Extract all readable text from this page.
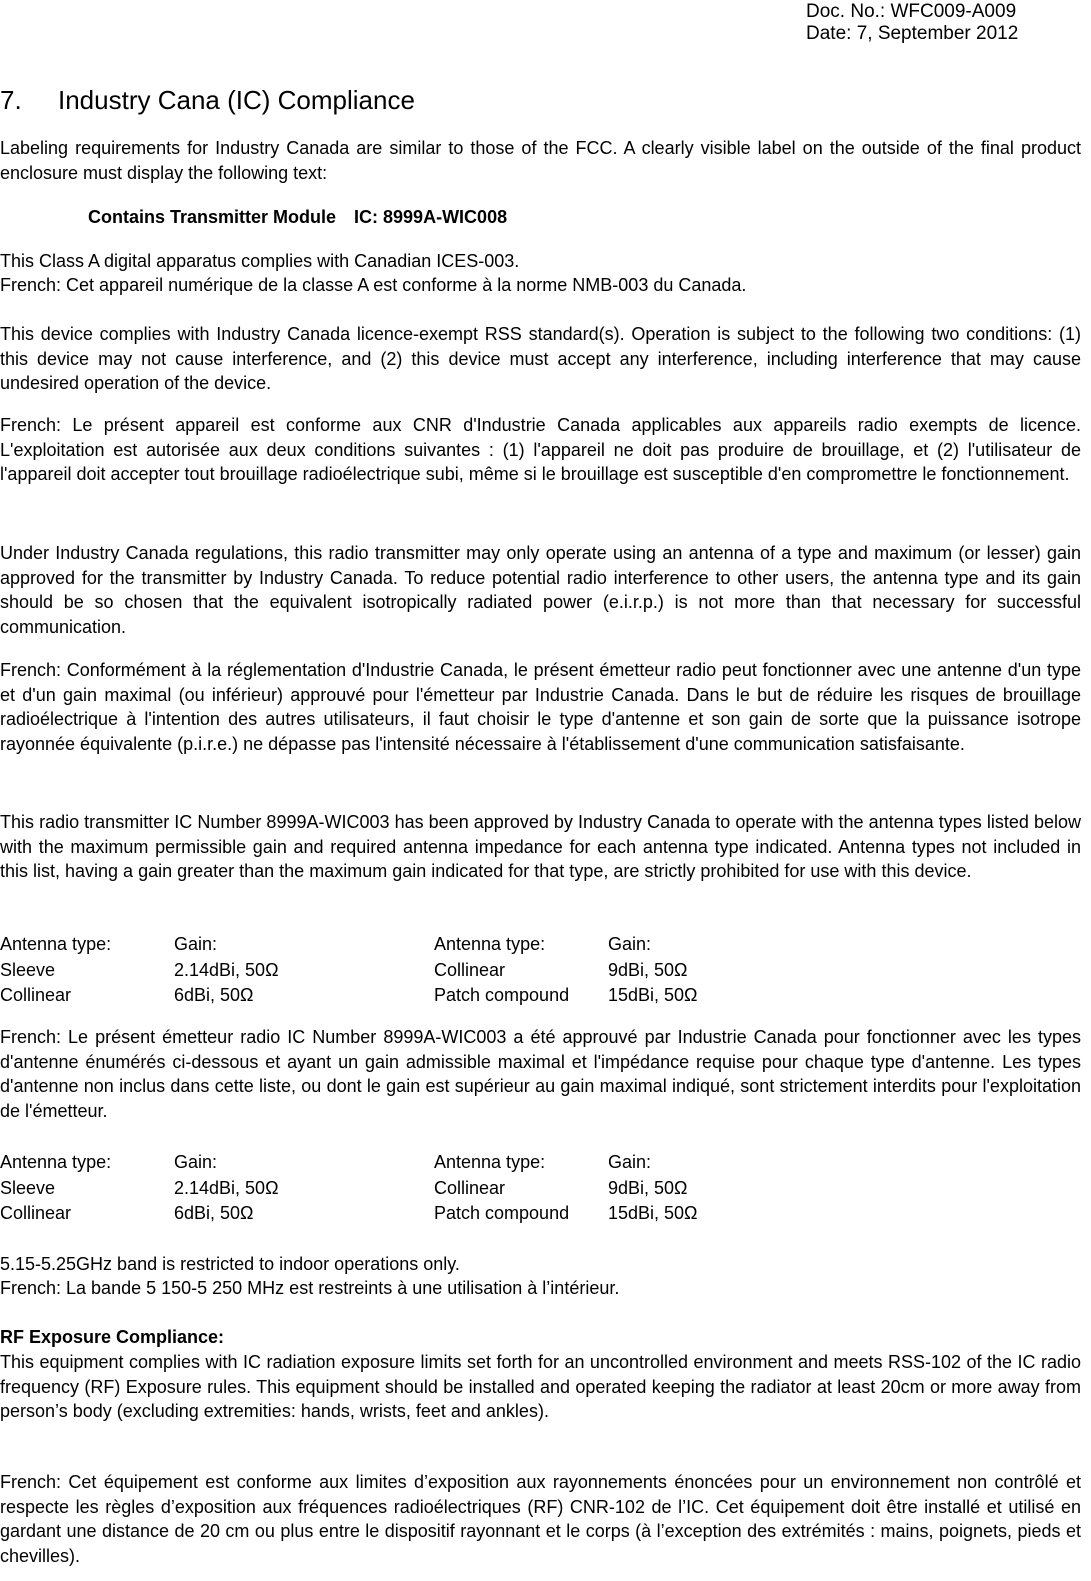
Doc. No.: WFC009-A009
Date: 7, September 2012
7. Industry Cana (IC) Compliance
Labeling requirements for Industry Canada are similar to those of the FCC. A clearly visible label on the outside of the final product enclosure must display the following text:
Contains Transmitter Module IC: 8999A-WIC008
This Class A digital apparatus complies with Canadian ICES-003.
French: Cet appareil numérique de la classe A est conforme à la norme NMB-003 du Canada.
This device complies with Industry Canada licence-exempt RSS standard(s). Operation is subject to the following two conditions: (1) this device may not cause interference, and (2) this device must accept any interference, including interference that may cause undesired operation of the device.
French: Le présent appareil est conforme aux CNR d'Industrie Canada applicables aux appareils radio exempts de licence. L'exploitation est autorisée aux deux conditions suivantes : (1) l'appareil ne doit pas produire de brouillage, et (2) l'utilisateur de l'appareil doit accepter tout brouillage radioélectrique subi, même si le brouillage est susceptible d'en compromettre le fonctionnement.
Under Industry Canada regulations, this radio transmitter may only operate using an antenna of a type and maximum (or lesser) gain approved for the transmitter by Industry Canada. To reduce potential radio interference to other users, the antenna type and its gain should be so chosen that the equivalent isotropically radiated power (e.i.r.p.) is not more than that necessary for successful communication.
French: Conformément à la réglementation d'Industrie Canada, le présent émetteur radio peut fonctionner avec une antenne d'un type et d'un gain maximal (ou inférieur) approuvé pour l'émetteur par Industrie Canada. Dans le but de réduire les risques de brouillage radioélectrique à l'intention des autres utilisateurs, il faut choisir le type d'antenne et son gain de sorte que la puissance isotrope rayonnée équivalente (p.i.r.e.) ne dépasse pas l'intensité nécessaire à l'établissement d'une communication satisfaisante.
This radio transmitter IC Number 8999A-WIC003 has been approved by Industry Canada to operate with the antenna types listed below with the maximum permissible gain and required antenna impedance for each antenna type indicated. Antenna types not included in this list, having a gain greater than the maximum gain indicated for that type, are strictly prohibited for use with this device.
Antenna type:	Gain:	Antenna type:	Gain:
Sleeve	2.14dBi, 50Ω	Collinear	9dBi, 50Ω
Collinear	6dBi, 50Ω	Patch compound 15dBi, 50Ω
French: Le présent émetteur radio IC Number 8999A-WIC003 a été approuvé par Industrie Canada pour fonctionner avec les types d'antenne énumérés ci-dessous et ayant un gain admissible maximal et l'impédance requise pour chaque type d'antenne. Les types d'antenne non inclus dans cette liste, ou dont le gain est supérieur au gain maximal indiqué, sont strictement interdits pour l'exploitation de l'émetteur.
Antenna type:	Gain:	Antenna type:	Gain:
Sleeve	2.14dBi, 50Ω	Collinear	9dBi, 50Ω
Collinear	6dBi, 50Ω	Patch compound 15dBi, 50Ω
5.15-5.25GHz band is restricted to indoor operations only.
French: La bande 5 150-5 250 MHz est restreints à une utilisation à l’intérieur.
RF Exposure Compliance:
This equipment complies with IC radiation exposure limits set forth for an uncontrolled environment and meets RSS-102 of the IC radio frequency (RF) Exposure rules. This equipment should be installed and operated keeping the radiator at least 20cm or more away from person’s body (excluding extremities: hands, wrists, feet and ankles).
French: Cet équipement est conforme aux limites d’exposition aux rayonnements énoncées pour un environnement non contrôlé et respecte les règles d’exposition aux fréquences radioélectriques (RF) CNR-102 de l’IC. Cet équipement doit être installé et utilisé en gardant une distance de 20 cm ou plus entre le dispositif rayonnant et le corps (à l’exception des extrémités : mains, poignets, pieds et chevilles).
